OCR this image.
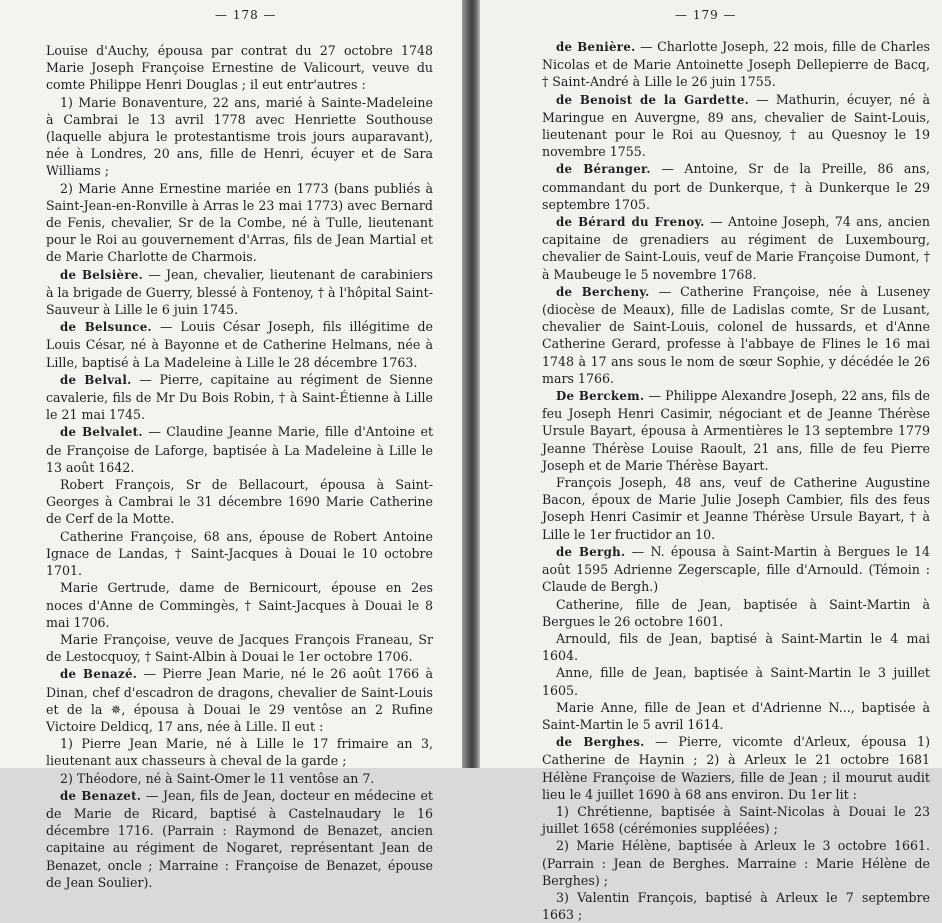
— 178 —

Louise d'Auchy, épousa par contrat du 27 octobre 1748 Marie Joseph Françoise Ernestine de Valicourt, veuve du comte Philippe Henri Douglas ; il eut entr'autres :

1) Marie Bonaventure, 22 ans, marié à Sainte-Madeleine à Cambrai le 13 avril 1778 avec Henriette Southouse (laquelle abjura le protestantisme trois jours auparavant), née à Londres, 20 ans, fille de Henri, écuyer et de Sara Williams ;

2) Marie Anne Ernestine mariée en 1773 (bans publiés à Saint-Jean-en-Ronville à Arras le 23 mai 1773) avec Bernard de Fenis, chevalier, Sr de la Combe, né à Tulle, lieutenant pour le Roi au gouvernement d'Arras, fils de Jean Martial et de Marie Charlotte de Charmois.

de Belsière. — Jean, chevalier, lieutenant de carabiniers à la brigade de Guerry, blessé à Fontenoy, † à l'hôpital Saint-Sauveur à Lille le 6 juin 1745.

de Belsunce. — Louis César Joseph, fils illégitime de Louis César, né à Bayonne et de Catherine Helmans, née à Lille, baptisé à La Madeleine à Lille le 28 décembre 1763.

de Belval. — Pierre, capitaine au régiment de Sienne cavalerie, fils de Mr Du Bois Robin, † à Saint-Étienne à Lille le 21 mai 1745.

de Belvalet. — Claudine Jeanne Marie, fille d'Antoine et de Françoise de Laforge, baptisée à La Madeleine à Lille le 13 août 1642.

Robert François, Sr de Bellacourt, épousa à Saint-Georges à Cambrai le 31 décembre 1690 Marie Catherine de Cerf de la Motte.

Catherine Françoise, 68 ans, épouse de Robert Antoine Ignace de Landas, † Saint-Jacques à Douai le 10 octobre 1701.

Marie Gertrude, dame de Bernicourt, épouse en 2es noces d'Anne de Commingès, † Saint-Jacques à Douai le 8 mai 1706.

Marie Françoise, veuve de Jacques François Franeau, Sr de Lestocquoy, † Saint-Albin à Douai le 1er octobre 1706.

de Benazé. — Pierre Jean Marie, né le 26 août 1766 à Dinan, chef d'escadron de dragons, chevalier de Saint-Louis et de la ✵, épousa à Douai le 29 ventôse an 2 Rufine Victoire Deldicq, 17 ans, née à Lille. Il eut :

1) Pierre Jean Marie, né à Lille le 17 frimaire an 3, lieutenant aux chasseurs à cheval de la garde ;

2) Théodore, né à Saint-Omer le 11 ventôse an 7.

de Benazet. — Jean, fils de Jean, docteur en médecine et de Marie de Ricard, baptisé à Castelnaudary le 16 décembre 1716. (Parrain : Raymond de Benazet, ancien capitaine au régiment de Nogaret, représentant Jean de Benazet, oncle ; Marraine : Françoise de Benazet, épouse de Jean Soulier).

— 179 —

de Benière. — Charlotte Joseph, 22 mois, fille de Charles Nicolas et de Marie Antoinette Joseph Dellepierre de Bacq, † Saint-André à Lille le 26 juin 1755.

de Benoist de la Gardette. — Mathurin, écuyer, né à Maringue en Auvergne, 89 ans, chevalier de Saint-Louis, lieutenant pour le Roi au Quesnoy, † au Quesnoy le 19 novembre 1755.

de Béranger. — Antoine, Sr de la Preille, 86 ans, commandant du port de Dunkerque, † à Dunkerque le 29 septembre 1705.

de Bérard du Frenoy. — Antoine Joseph, 74 ans, ancien capitaine de grenadiers au régiment de Luxembourg, chevalier de Saint-Louis, veuf de Marie Françoise Dumont, † à Maubeuge le 5 novembre 1768.

de Bercheny. — Catherine Françoise, née à Luseney (diocèse de Meaux), fille de Ladislas comte, Sr de Lusant, chevalier de Saint-Louis, colonel de hussards, et d'Anne Catherine Gerard, professe à l'abbaye de Flines le 16 mai 1748 à 17 ans sous le nom de sœur Sophie, y décédée le 26 mars 1766.

De Berckem. — Philippe Alexandre Joseph, 22 ans, fils de feu Joseph Henri Casimir, négociant et de Jeanne Thérèse Ursule Bayart, épousa à Armentières le 13 septembre 1779 Jeanne Thérèse Louise Raoult, 21 ans, fille de feu Pierre Joseph et de Marie Thérèse Bayart.

François Joseph, 48 ans, veuf de Catherine Augustine Bacon, époux de Marie Julie Joseph Cambier, fils des feus Joseph Henri Casimir et Jeanne Thérèse Ursule Bayart, † à Lille le 1er fructidor an 10.

de Bergh. — N. épousa à Saint-Martin à Bergues le 14 août 1595 Adrienne Zegerscaple, fille d'Arnould. (Témoin : Claude de Bergh.)

Catherine, fille de Jean, baptisée à Saint-Martin à Bergues le 26 octobre 1601.

Arnould, fils de Jean, baptisé à Saint-Martin le 4 mai 1604.

Anne, fille de Jean, baptisée à Saint-Martin le 3 juillet 1605.

Marie Anne, fille de Jean et d'Adrienne N..., baptisée à Saint-Martin le 5 avril 1614.

de Berghes. — Pierre, vicomte d'Arleux, épousa 1) Catherine de Haynin ; 2) à Arleux le 21 octobre 1681 Hélène Françoise de Waziers, fille de Jean ; il mourut audit lieu le 4 juillet 1690 à 68 ans environ. Du 1er lit :

1) Chrétienne, baptisée à Saint-Nicolas à Douai le 23 juillet 1658 (cérémonies suppléées) ;

2) Marie Hélène, baptisée à Arleux le 3 octobre 1661. (Parrain : Jean de Berghes. Marraine : Marie Hélène de Berghes) ;

3) Valentin François, baptisé à Arleux le 7 septembre 1663 ;
